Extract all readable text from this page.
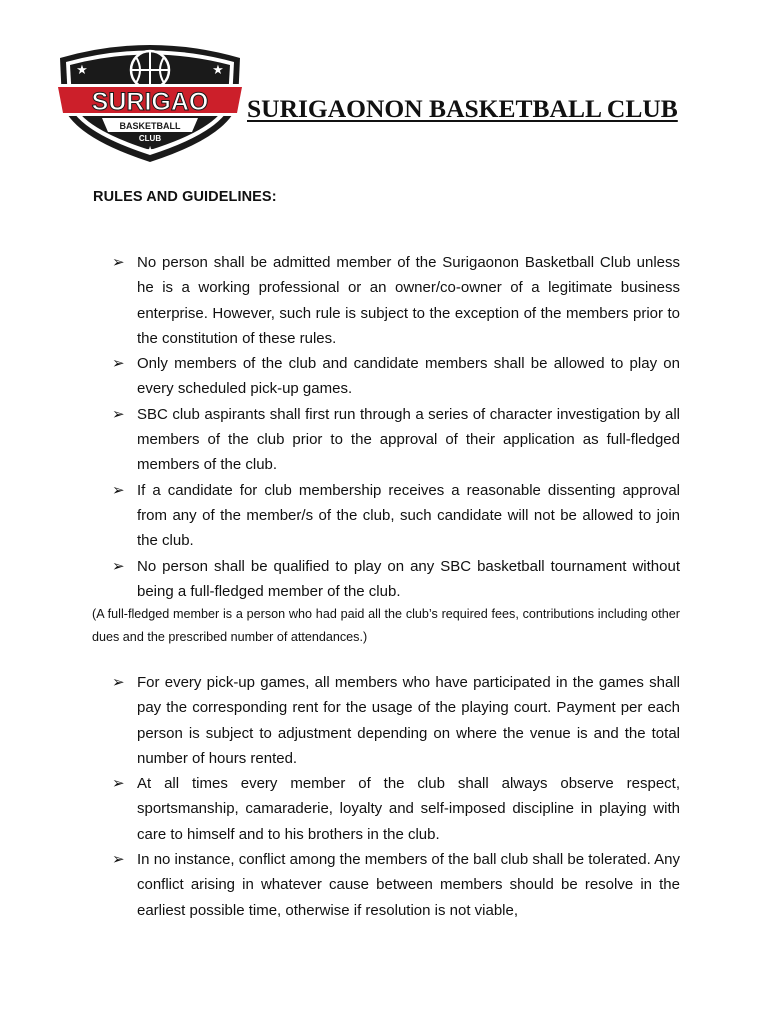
★	★
★
SURIGAO
BASKETBALL
CLUB
SURIGAONON BASKETBALL CLUB
RULES AND GUIDELINES:
➢ No person shall be admitted member of the Surigaonon Basketball Club unless he is a working professional or an owner/co-owner of a legitimate business enterprise. However, such rule is subject to the exception of the members prior to the constitution of these rules.
➢ Only members of the club and candidate members shall be allowed to play on every scheduled pick-up games.
➢ SBC club aspirants shall first run through a series of character investigation by all members of the club prior to the approval of their application as full-fledged members of the club.
➢ If a candidate for club membership receives a reasonable dissenting approval from any of the member/s of the club, such candidate will not be allowed to join the club.
➢ No person shall be qualified to play on any SBC basketball tournament without being a full-fledged member of the club.
(A full-fledged member is a person who had paid all the club’s required fees, contributions including other dues and the prescribed number of attendances.)
➢ For every pick-up games, all members who have participated in the games shall pay the corresponding rent for the usage of the playing court. Payment per each person is subject to adjustment depending on where the venue is and the total number of hours rented.
➢ At all times every member of the club shall always observe respect, sportsmanship, camaraderie, loyalty and self-imposed discipline in playing with care to himself and to his brothers in the club.
➢ In no instance, conflict among the members of the ball club shall be tolerated. Any conflict arising in whatever cause between members should be resolve in the earliest possible time, otherwise if resolution is not viable,
